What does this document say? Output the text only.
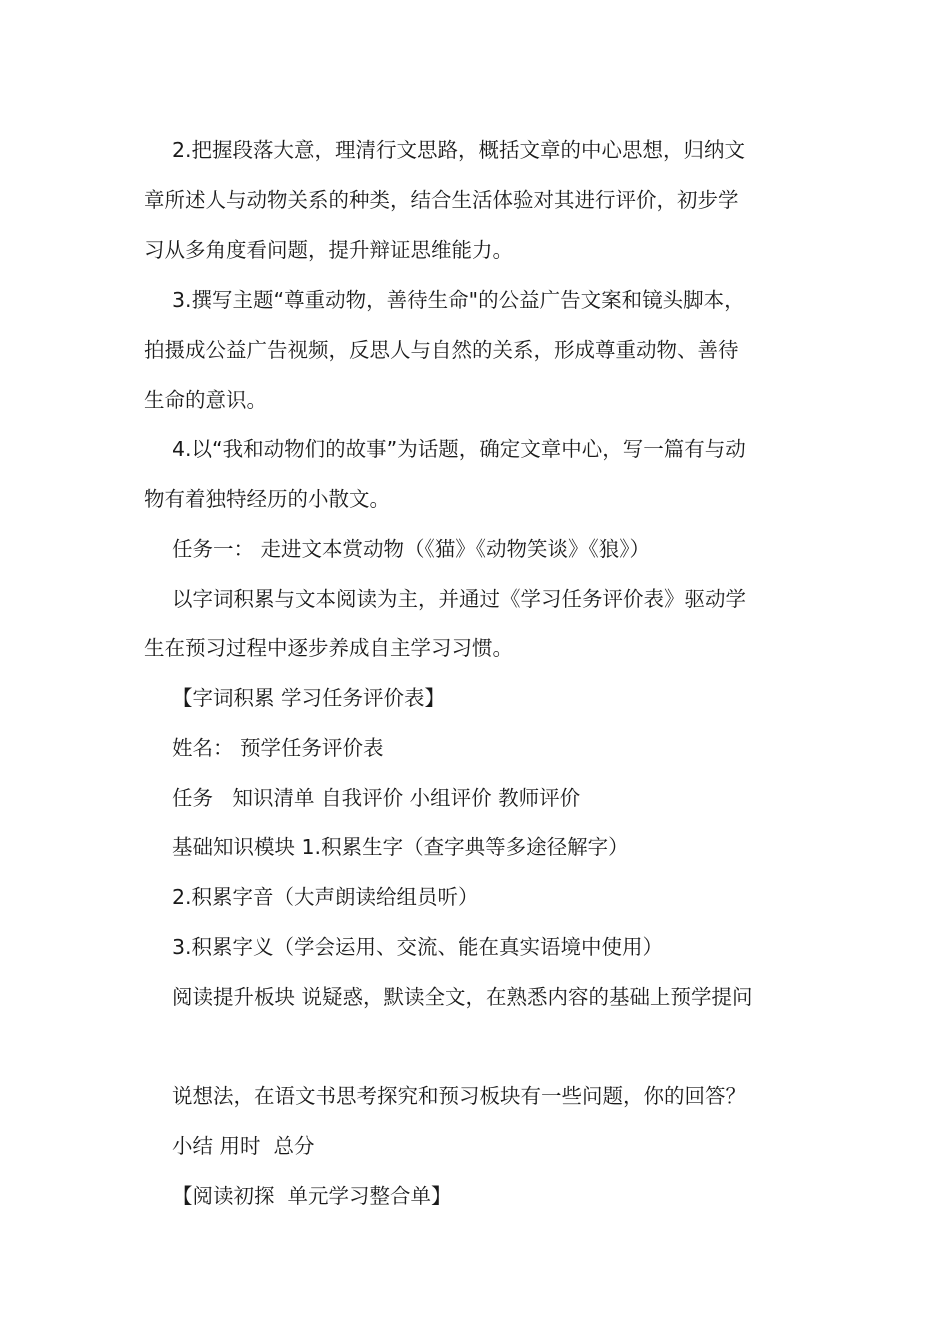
2.把握段落大意，理清行文思路，概括文章的中心思想，归纳文
章所述人与动物关系的种类，结合生活体验对其进行评价，初步学
习从多角度看问题，提升辩证思维能力。
3.撰写主题“尊重动物，善待生命"的公益广告文案和镜头脚本，
拍摄成公益广告视频，反思人与自然的关系，形成尊重动物、善待
生命的意识。
4.以“我和动物们的故事”为话题，确定文章中心，写一篇有与动
物有着独特经历的小散文。
任务一： 走进文本赏动物（《猫》《动物笑谈》《狼》）
以字词积累与文本阅读为主，并通过《学习任务评价表》驱动学
生在预习过程中逐步养成自主学习习惯。
【字词积累 学习任务评价表】
姓名： 预学任务评价表
任务   知识清单 自我评价 小组评价 教师评价
基础知识模块 1.积累生字（查字典等多途径解字）
2.积累字音（大声朗读给组员听）
3.积累字义（学会运用、交流、能在真实语境中使用）
阅读提升板块 说疑惑，默读全文，在熟悉内容的基础上预学提问
说想法，在语文书思考探究和预习板块有一些问题，你的回答？
小结 用时  总分
【阅读初探  单元学习整合单】
